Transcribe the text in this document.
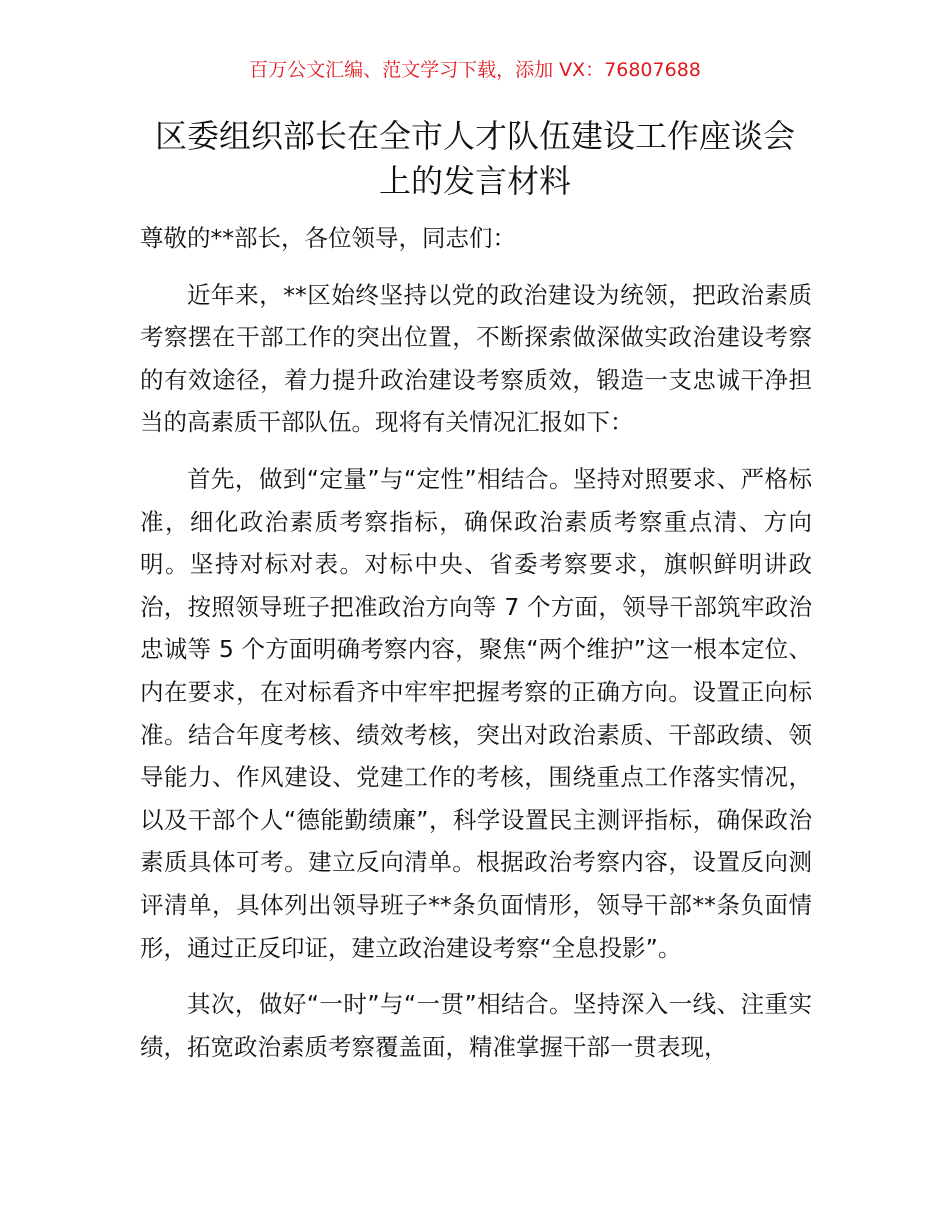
百万公文汇编、范文学习下载，添加 VX：76807688
区委组织部长在全市人才队伍建设工作座谈会
上的发言材料

尊敬的**部长，各位领导，同志们：

近年来，**区始终坚持以党的政治建设为统领，把政治素质考察摆在干部工作的突出位置，不断探索做深做实政治建设考察的有效途径，着力提升政治建设考察质效，锻造一支忠诚干净担当的高素质干部队伍。现将有关情况汇报如下：

首先，做到“定量”与“定性”相结合。坚持对照要求、严格标准，细化政治素质考察指标，确保政治素质考察重点清、方向明。坚持对标对表。对标中央、省委考察要求，旗帜鲜明讲政治，按照领导班子把准政治方向等 7 个方面，领导干部筑牢政治忠诚等 5 个方面明确考察内容，聚焦“两个维护”这一根本定位、内在要求，在对标看齐中牢牢把握考察的正确方向。设置正向标准。结合年度考核、绩效考核，突出对政治素质、干部政绩、领导能力、作风建设、党建工作的考核，围绕重点工作落实情况，以及干部个人“德能勤绩廉”，科学设置民主测评指标，确保政治素质具体可考。建立反向清单。根据政治考察内容，设置反向测评清单，具体列出领导班子**条负面情形，领导干部**条负面情形，通过正反印证，建立政治建设考察“全息投影”。

其次，做好“一时”与“一贯”相结合。坚持深入一线、注重实绩，拓宽政治素质考察覆盖面，精准掌握干部一贯表现，
